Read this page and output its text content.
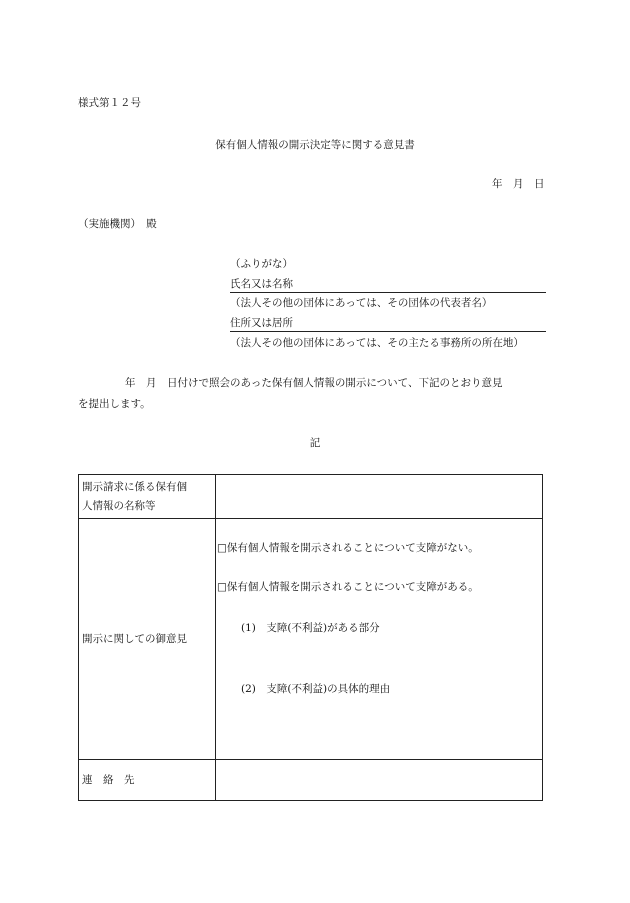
様式第１２号
保有個人情報の開示決定等に関する意見書
年　月　日
（実施機関）　殿
（ふりがな）
氏名又は名称
（法人その他の団体にあっては、その団体の代表者名）
住所又は居所
（法人その他の団体にあっては、その主たる事務所の所在地）
年　月　日付けで照会のあった保有個人情報の開示について、下記のとおり意見
を提出します。
記
開示請求に係る保有個
人情報の名称等	

開示に関しての御意見	□保有個人情報を開示されることについて支障がない。
□保有個人情報を開示されることについて支障がある。
(1)　支障(不利益)がある部分
(2)　支障(不利益)の具体的理由

連　絡　先	
